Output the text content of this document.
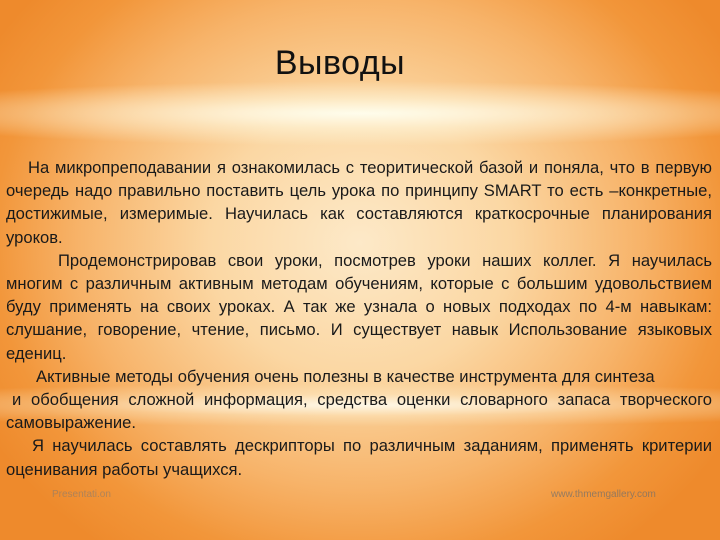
Выводы

На микропреподавании я ознакомилась с теоритической базой и поняла, что в первую очередь надо правильно поставить цель урока по принципу SMART то есть –конкретные, достижимые, измеримые. Научилась как составляются краткосрочные планирования уроков.

Продемонстрировав свои уроки, посмотрев уроки наших коллег. Я научилась многим с различным активным методам обучениям, которые с большим удовольствием буду применять на своих уроках. А так же узнала о новых подходах по 4-м навыкам: слушание, говорение, чтение, письмо. И существует навык Использование языковых едениц.

Активные методы обучения очень полезны в качестве инструмента для синтеза

и обобщения сложной информация, средства оценки словарного запаса творческого самовыражение.

Я научилась составлять дескрипторы по различным заданиям, применять критерии оценивания работы учащихся.

Presentati.on	www.thmemgallery.com
